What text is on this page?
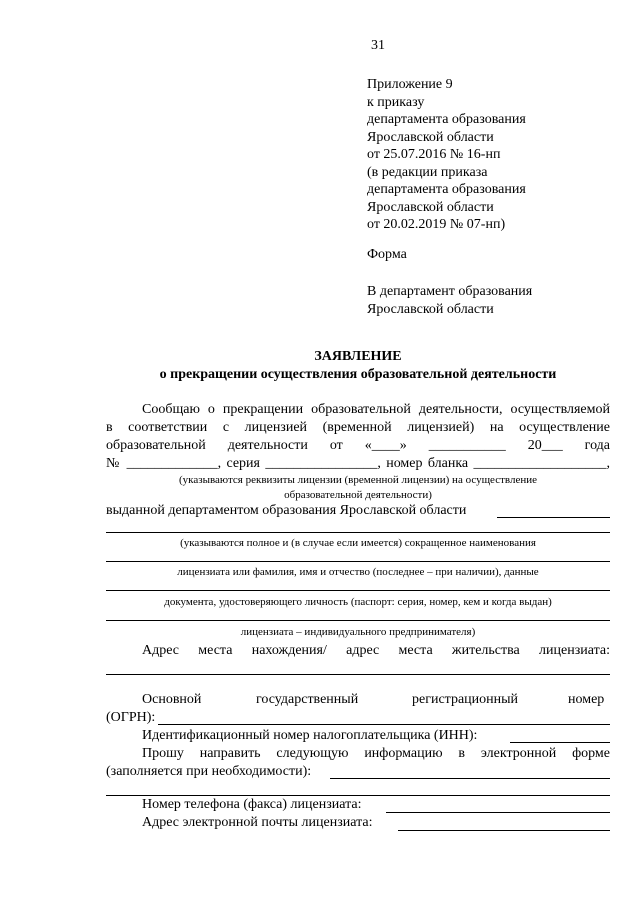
31
Приложение 9
к приказу
департамента образования
Ярославской области
от 25.07.2016 № 16-нп
(в редакции приказа
департамента образования
Ярославской области
от 20.02.2019 № 07-нп)
Форма
В департамент образования
Ярославской области
ЗАЯВЛЕНИЕ
о прекращении осуществления образовательной деятельности
Сообщаю о прекращении образовательной деятельности, осуществляемой
в соответствии с лицензией (временной лицензией) на осуществление
образовательной деятельности от «____» ___________ 20___ года
№ _____________, серия ________________, номер бланка ___________________,
(указываются реквизиты лицензии (временной лицензии) на осуществление
образовательной деятельности)
выданной департаментом образования Ярославской области
(указываются полное и (в случае если имеется) сокращенное наименования
лицензиата или фамилия, имя и отчество (последнее – при наличии), данные
документа, удостоверяющего личность (паспорт: серия, номер, кем и когда выдан)
лицензиата – индивидуального предпринимателя)
Адрес места нахождения/ адрес места жительства лицензиата:
Основной	государственный	регистрационный	номер
(ОГРН):
Идентификационный номер налогоплательщика (ИНН):
Прошу направить следующую информацию в электронной форме
(заполняется при необходимости):
Номер телефона (факса) лицензиата:
Адрес электронной почты лицензиата:
